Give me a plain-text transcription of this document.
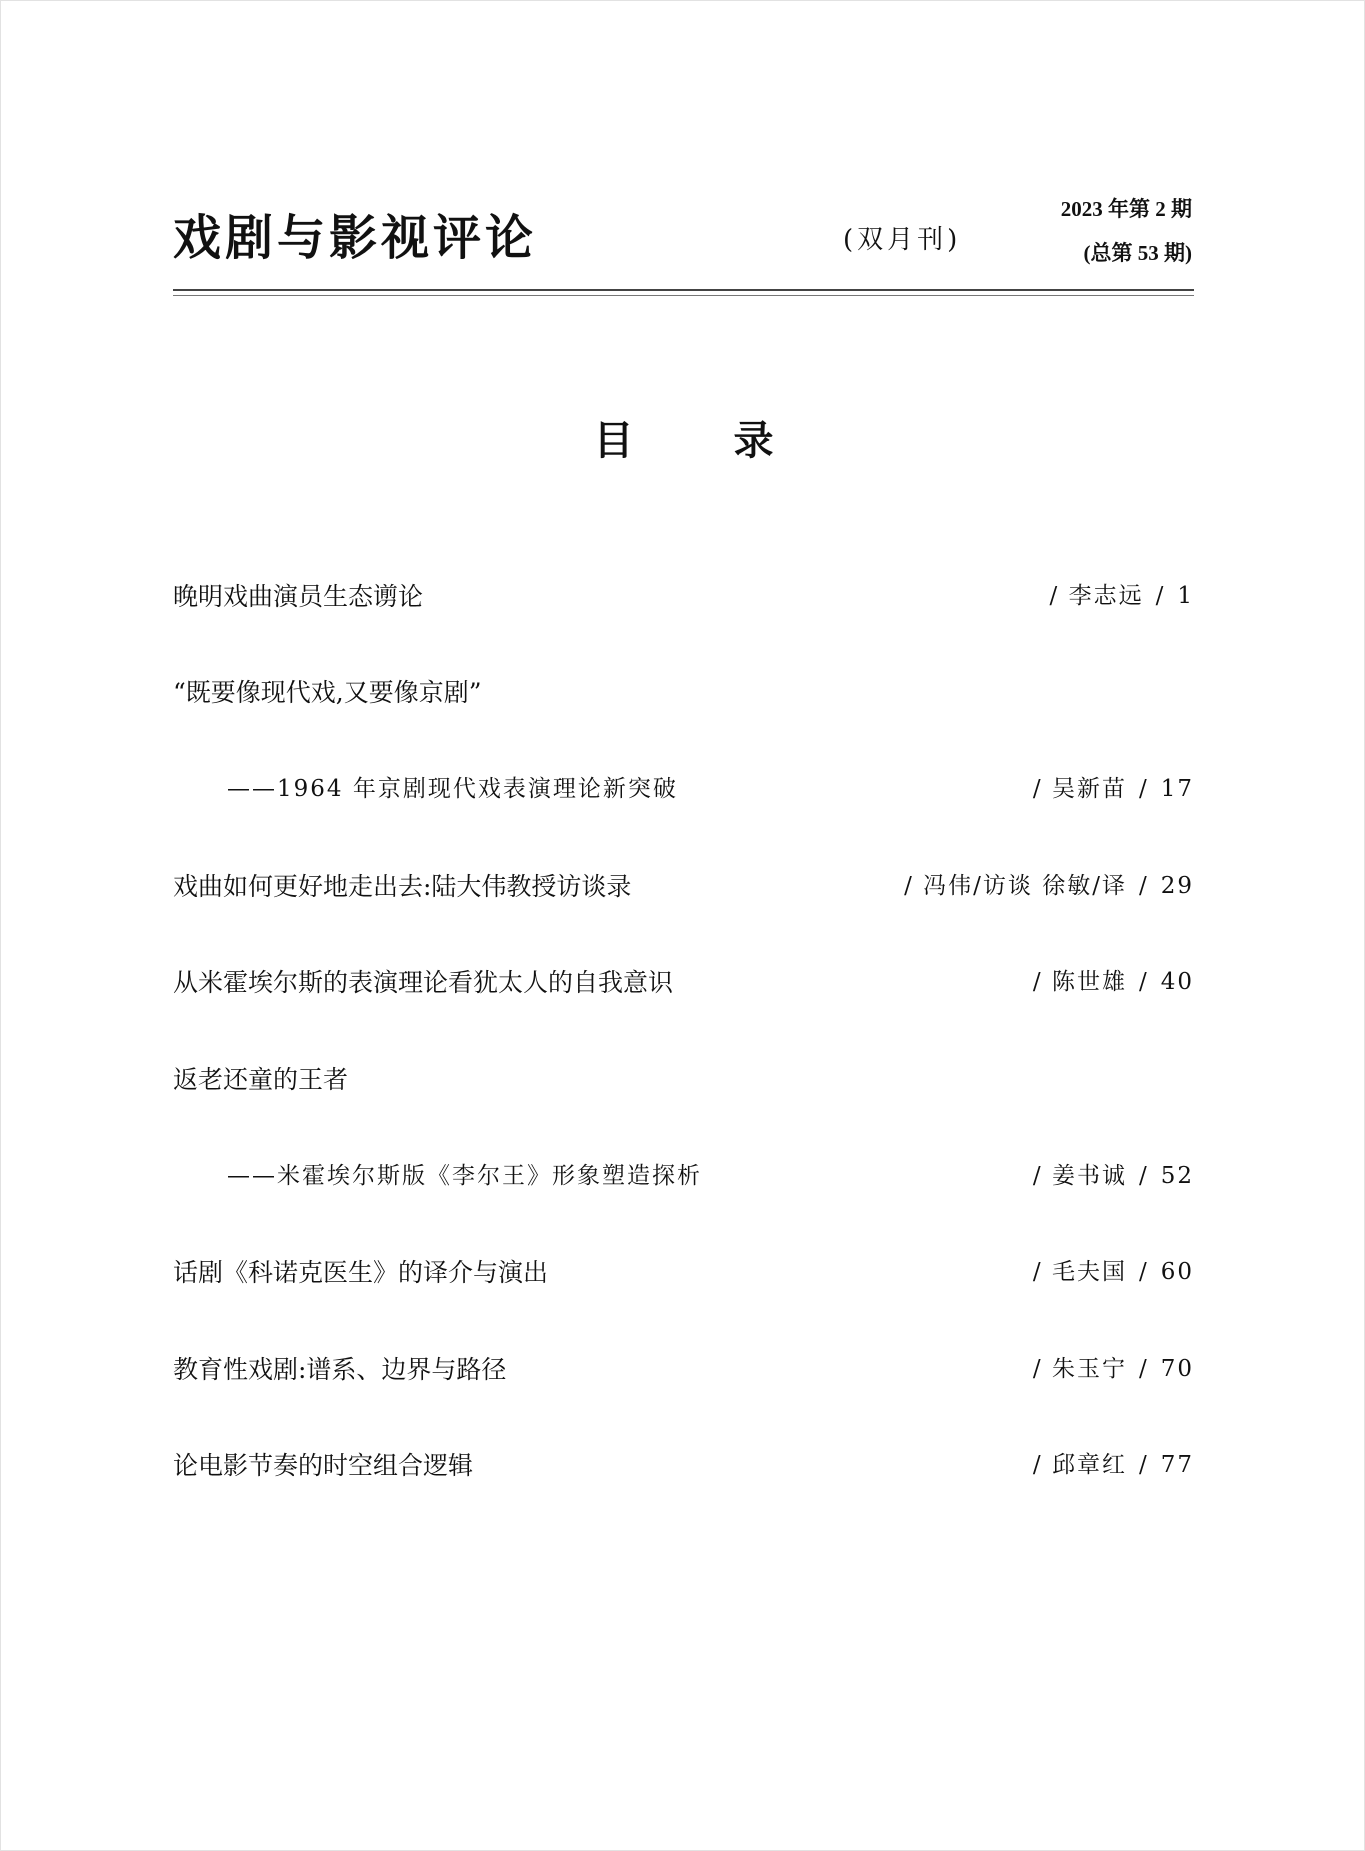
戏剧与影视评论	(双月刊)
2023 年第 2 期
(总第 53 期)
目录
晚明戏曲演员生态谫论	/ 李志远 / 1
“既要像现代戏,又要像京剧”
——1964 年京剧现代戏表演理论新突破	/ 吴新苗 / 17
戏曲如何更好地走出去:陆大伟教授访谈录	/ 冯伟/访谈 徐敏/译 / 29
从米霍埃尔斯的表演理论看犹太人的自我意识	/ 陈世雄 / 40
返老还童的王者
——米霍埃尔斯版《李尔王》形象塑造探析	/ 姜书诚 / 52
话剧《科诺克医生》的译介与演出	/ 毛夫国 / 60
教育性戏剧:谱系、边界与路径	/ 朱玉宁 / 70
论电影节奏的时空组合逻辑	/ 邱章红 / 77
